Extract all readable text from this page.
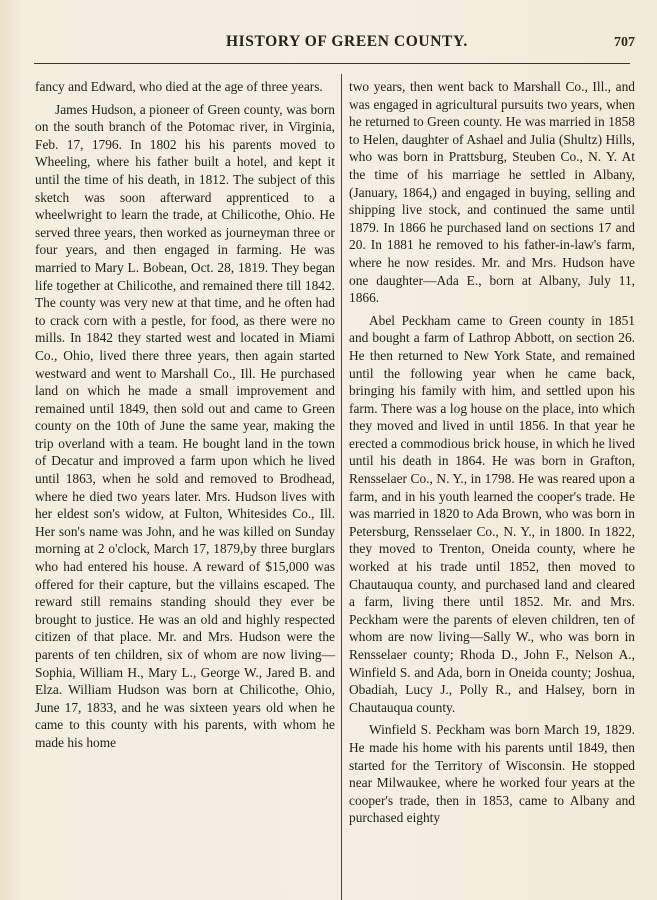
HISTORY OF GREEN COUNTY.	707

fancy and Edward, who died at the age of three years.

James Hudson, a pioneer of Green county, was born on the south branch of the Potomac river, in Virginia, Feb. 17, 1796. In 1802 his his parents moved to Wheeling, where his father built a hotel, and kept it until the time of his death, in 1812. The subject of this sketch was soon afterward apprenticed to a wheelwright to learn the trade, at Chilicothe, Ohio. He served three years, then worked as journeyman three or four years, and then engaged in farming. He was married to Mary L. Bobean, Oct. 28, 1819. They began life together at Chilicothe, and remained there till 1842. The county was very new at that time, and he often had to crack corn with a pestle, for food, as there were no mills. In 1842 they started west and located in Miami Co., Ohio, lived there three years, then again started westward and went to Marshall Co., Ill. He purchased land on which he made a small improvement and remained until 1849, then sold out and came to Green county on the 10th of June the same year, making the trip overland with a team. He bought land in the town of Decatur and improved a farm upon which he lived until 1863, when he sold and removed to Brodhead, where he died two years later. Mrs. Hudson lives with her eldest son's widow, at Fulton, Whitesides Co., Ill. Her son's name was John, and he was killed on Sunday morning at 2 o'clock, March 17, 1879,by three burglars who had entered his house. A reward of $15,000 was offered for their capture, but the villains escaped. The reward still remains standing should they ever be brought to justice. He was an old and highly respected citizen of that place. Mr. and Mrs. Hudson were the parents of ten children, six of whom are now living—Sophia, William H., Mary L., George W., Jared B. and Elza. William Hudson was born at Chilicothe, Ohio, June 17, 1833, and he was sixteen years old when he came to this county with his parents, with whom he made his home

two years, then went back to Marshall Co., Ill., and was engaged in agricultural pursuits two years, when he returned to Green county. He was married in 1858 to Helen, daughter of Ashael and Julia (Shultz) Hills, who was born in Prattsburg, Steuben Co., N. Y. At the time of his marriage he settled in Albany, (January, 1864,) and engaged in buying, selling and shipping live stock, and continued the same until 1879. In 1866 he purchased land on sections 17 and 20. In 1881 he removed to his father-in-law's farm, where he now resides. Mr. and Mrs. Hudson have one daughter—Ada E., born at Albany, July 11, 1866.

Abel Peckham came to Green county in 1851 and bought a farm of Lathrop Abbott, on section 26. He then returned to New York State, and remained until the following year when he came back, bringing his family with him, and settled upon his farm. There was a log house on the place, into which they moved and lived in until 1856. In that year he erected a commodious brick house, in which he lived until his death in 1864. He was born in Grafton, Rensselaer Co., N. Y., in 1798. He was reared upon a farm, and in his youth learned the cooper's trade. He was married in 1820 to Ada Brown, who was born in Petersburg, Rensselaer Co., N. Y., in 1800. In 1822, they moved to Trenton, Oneida county, where he worked at his trade until 1852, then moved to Chautauqua county, and purchased land and cleared a farm, living there until 1852. Mr. and Mrs. Peckham were the parents of eleven children, ten of whom are now living—Sally W., who was born in Rensselaer county; Rhoda D., John F., Nelson A., Winfield S. and Ada, born in Oneida county; Joshua, Obadiah, Lucy J., Polly R., and Halsey, born in Chautauqua county.

Winfield S. Peckham was born March 19, 1829. He made his home with his parents until 1849, then started for the Territory of Wisconsin. He stopped near Milwaukee, where he worked four years at the cooper's trade, then in 1853, came to Albany and purchased eighty
